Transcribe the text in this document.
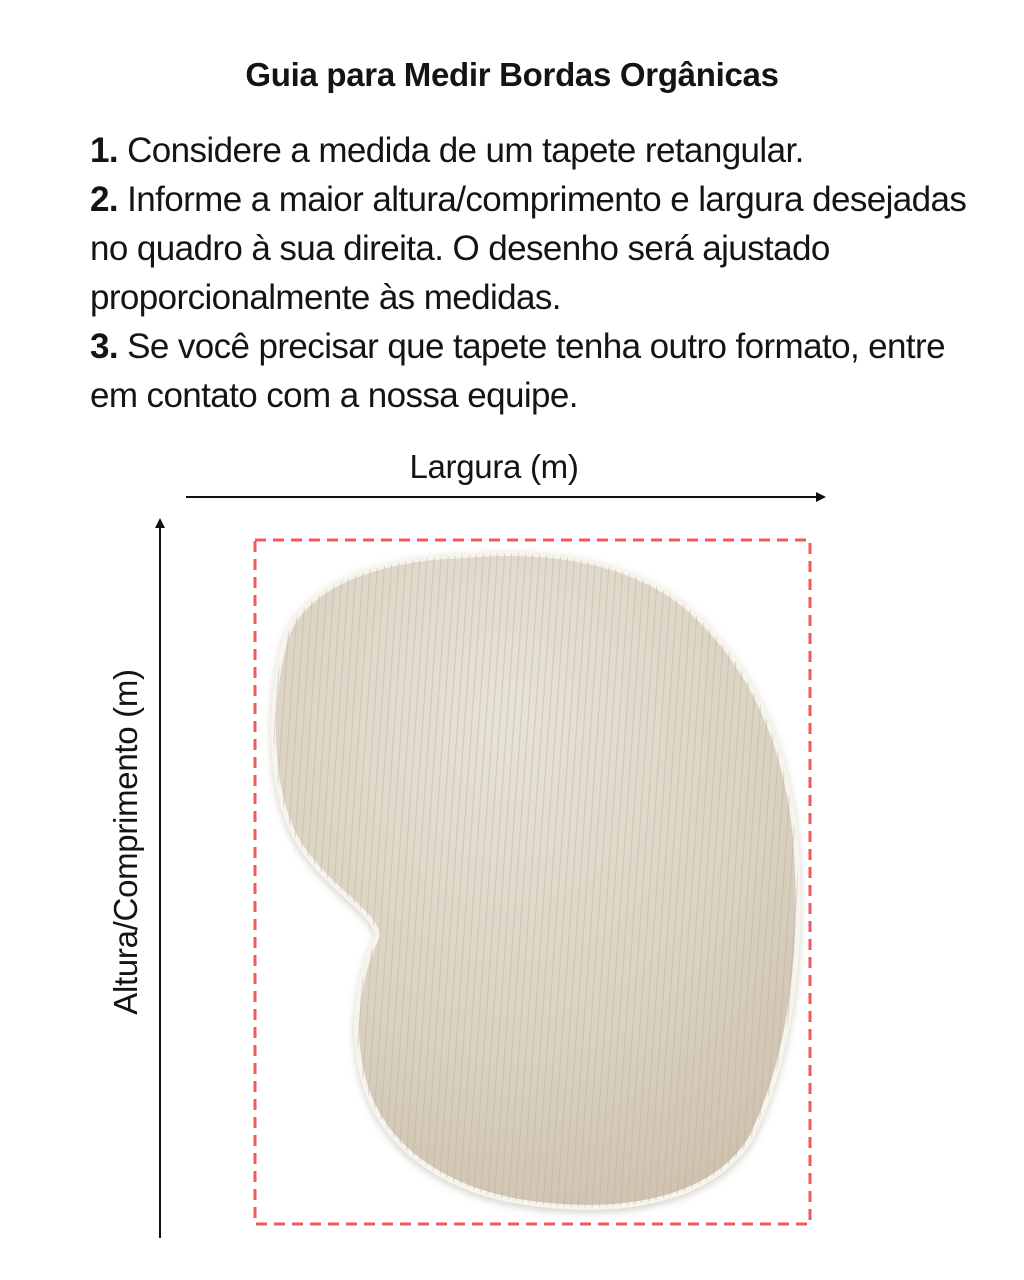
Guia para Medir Bordas Orgânicas
1. Considere a medida de um tapete retangular.
2. Informe a maior altura/comprimento e largura desejadas no quadro à sua direita. O desenho será ajustado proporcionalmente às medidas.
3. Se você precisar que tapete tenha outro formato, entre em contato com a nossa equipe.
Largura (m)
Altura/Comprimento (m)
